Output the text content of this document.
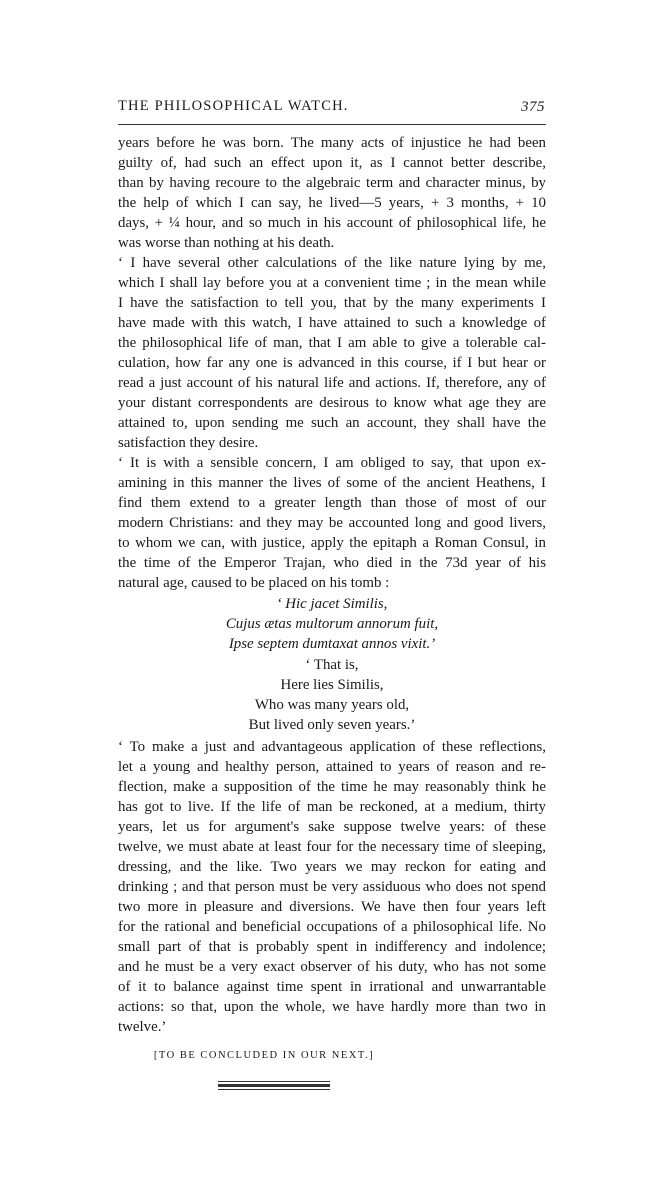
THE PHILOSOPHICAL WATCH.	375
years before he was born. The many acts of injustice he had been
guilty of, had such an effect upon it, as I cannot better describe,
than by having recoure to the algebraic term and character minus, by
the help of which I can say, he lived—5 years, + 3 months, + 10
days, + ¼ hour, and so much in his account of philosophical life, he
was worse than nothing at his death.
‘ I have several other calculations of the like nature lying by me,
which I shall lay before you at a convenient time ; in the mean while
I have the satisfaction to tell you, that by the many experiments I
have made with this watch, I have attained to such a knowledge of
the philosophical life of man, that I am able to give a tolerable cal-
culation, how far any one is advanced in this course, if I but hear or
read a just account of his natural life and actions. If, therefore, any of
your distant correspondents are desirous to know what age they are
attained to, upon sending me such an account, they shall have the
satisfaction they desire.
‘ It is with a sensible concern, I am obliged to say, that upon ex-
amining in this manner the lives of some of the ancient Heathens, I
find them extend to a greater length than those of most of our
modern Christians: and they may be accounted long and good livers,
to whom we can, with justice, apply the epitaph a Roman Consul, in
the time of the Emperor Trajan, who died in the 73d year of his
natural age, caused to be placed on his tomb :
‘ Hic jacet Similis,
Cujus ætas multorum annorum fuit,
Ipse septem dumtaxat annos vixit.’
‘ That is,
Here lies Similis,
Who was many years old,
But lived only seven years.’
‘ To make a just and advantageous application of these reflections,
let a young and healthy person, attained to years of reason and re-
flection, make a supposition of the time he may reasonably think he
has got to live. If the life of man be reckoned, at a medium, thirty
years, let us for argument's sake suppose twelve years: of these
twelve, we must abate at least four for the necessary time of sleeping,
dressing, and the like. Two years we may reckon for eating and
drinking ; and that person must be very assiduous who does not spend
two more in pleasure and diversions. We have then four years left
for the rational and beneficial occupations of a philosophical life. No
small part of that is probably spent in indifferency and indolence;
and he must be a very exact observer of his duty, who has not some
of it to balance against time spent in irrational and unwarrantable
actions: so that, upon the whole, we have hardly more than two in
twelve.’
[TO BE CONCLUDED IN OUR NEXT.]
